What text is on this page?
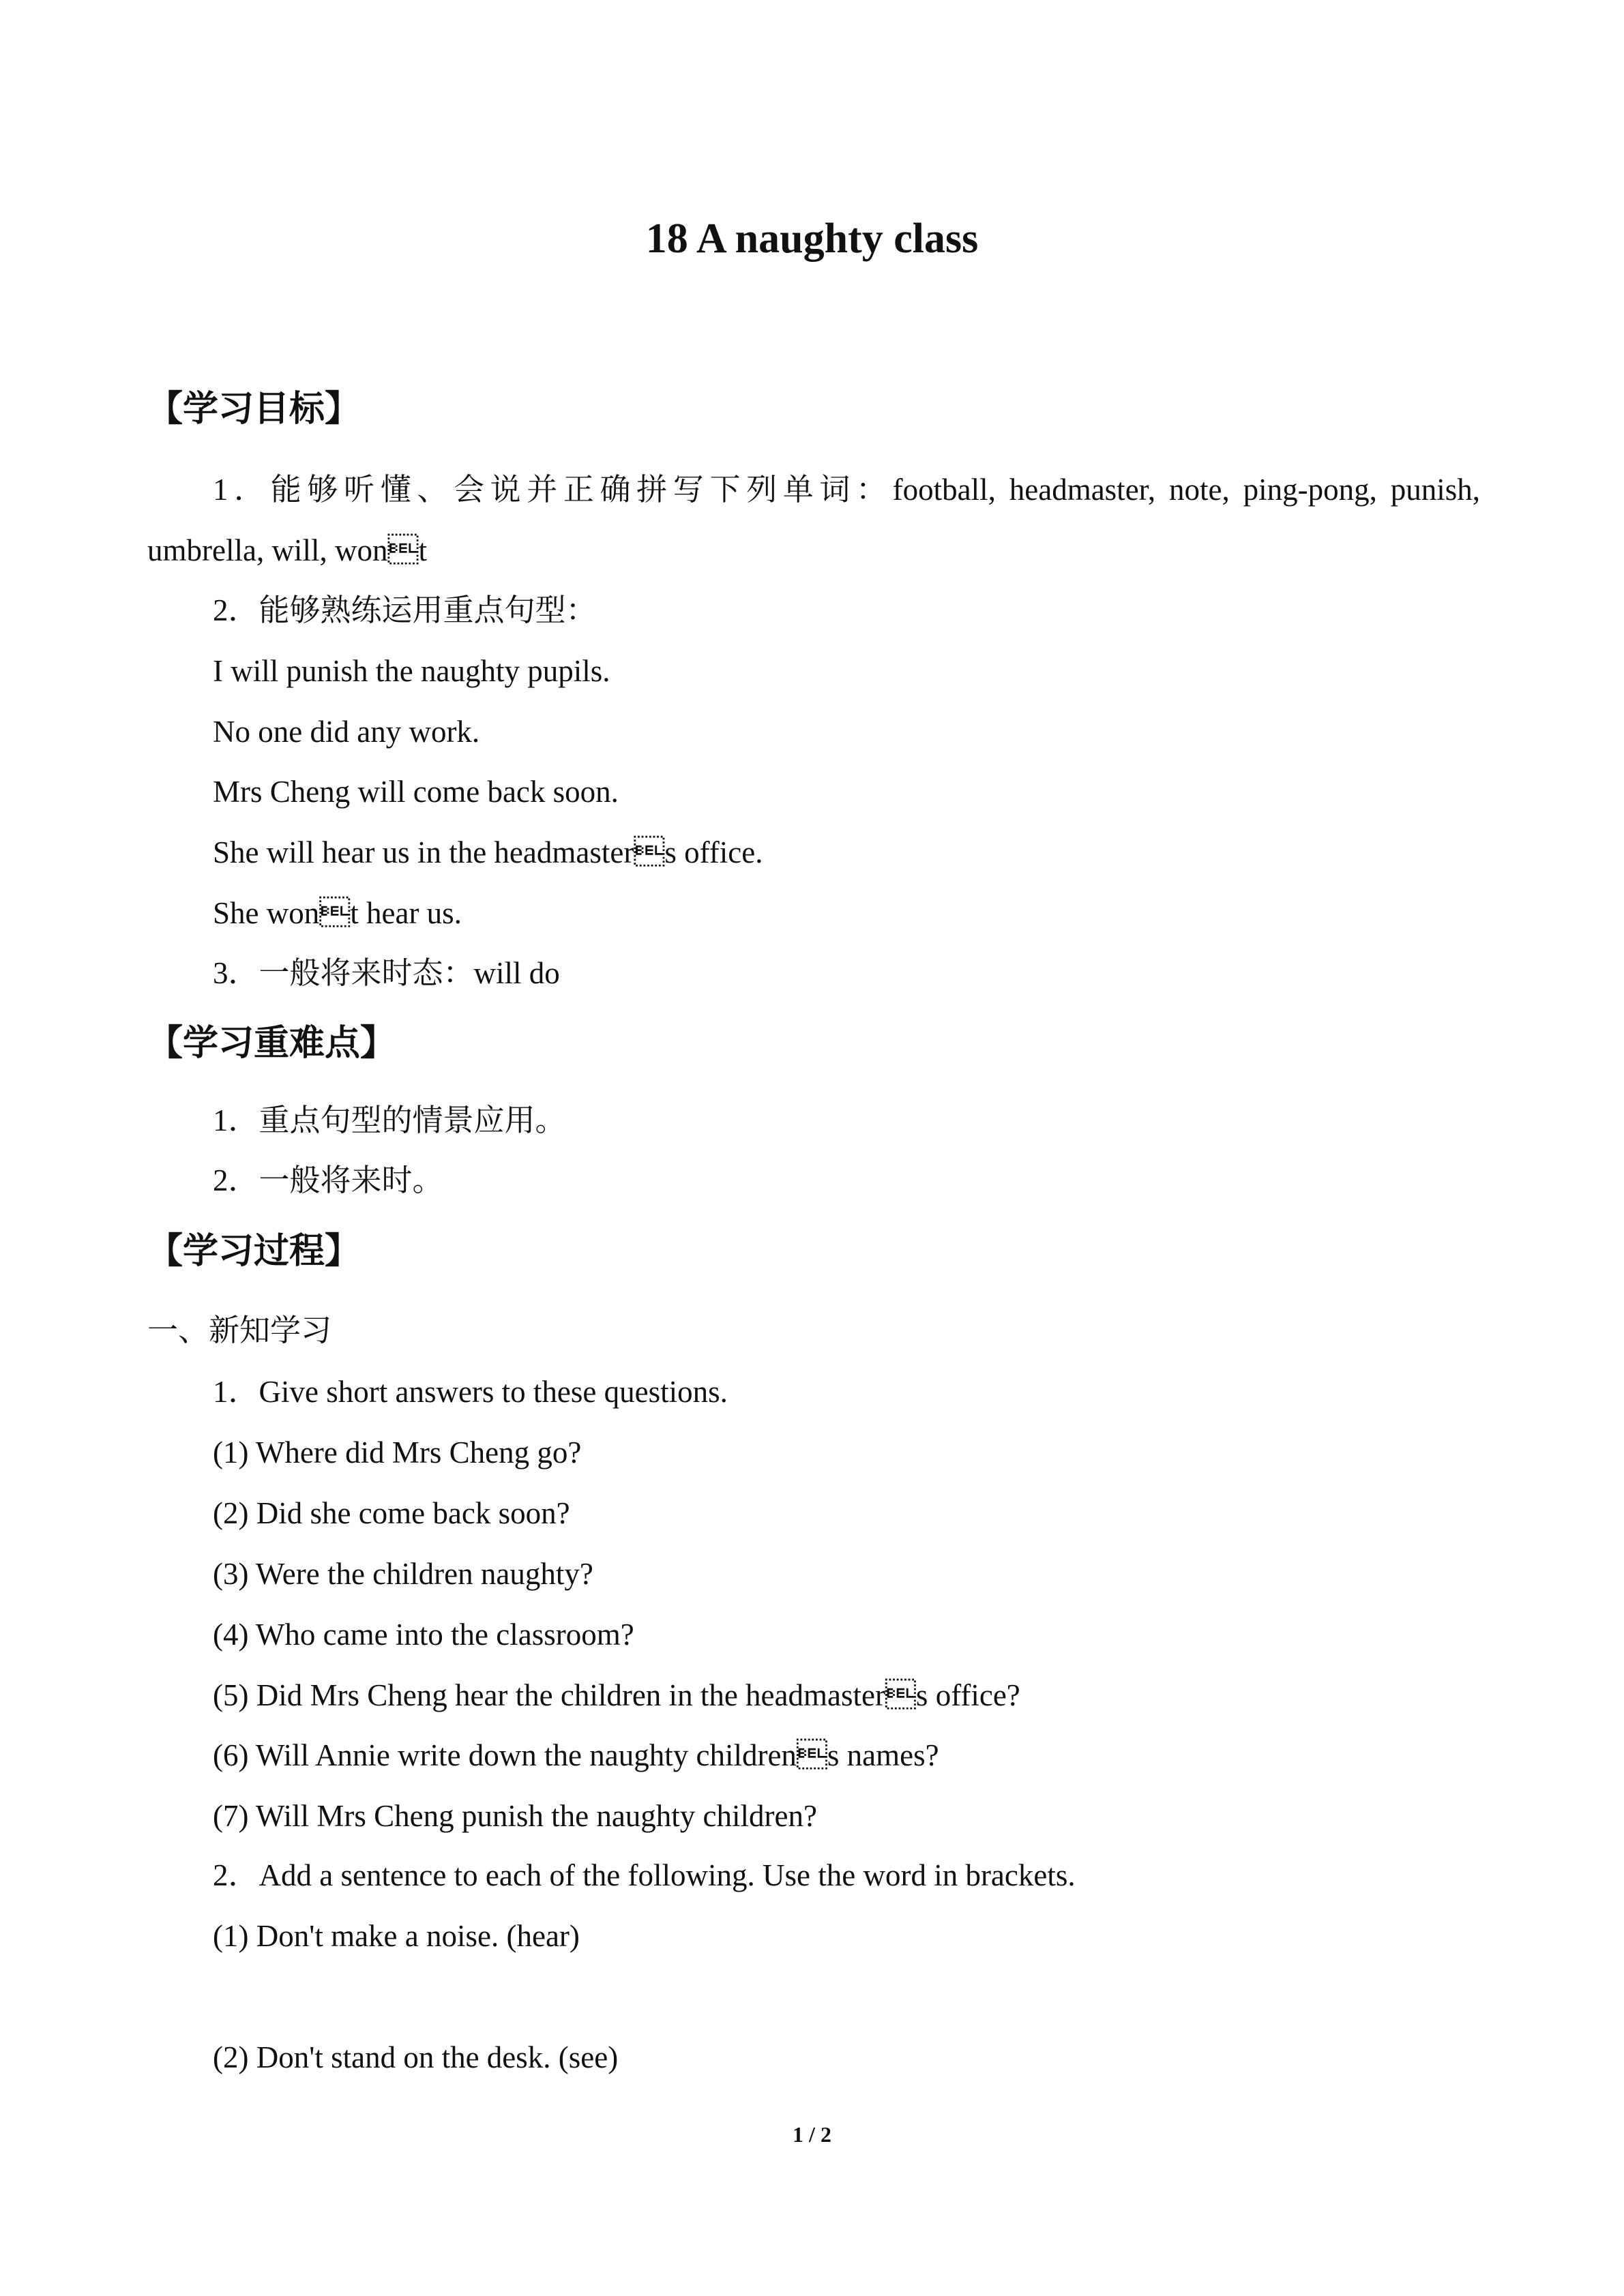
18 A naughty class
【学习目标】

1．能够听懂、会说并正确拼写下列单词：football, headmaster, note, ping-pong, punish,

umbrella, will, wont

2．能够熟练运用重点句型：

I will punish the naughty pupils.

No one did any work.

Mrs Cheng will come back soon.

She will hear us in the headmasters office.

She wont hear us.

3．一般将来时态：will do

【学习重难点】

1．重点句型的情景应用。

2．一般将来时。

【学习过程】

一、新知学习

1．Give short answers to these questions.

(1) Where did Mrs Cheng go?

(2) Did she come back soon?

(3) Were the children naughty?

(4) Who came into the classroom?

(5) Did Mrs Cheng hear the children in the headmasters office?

(6) Will Annie write down the naughty childrens names?

(7) Will Mrs Cheng punish the naughty children?

2．Add a sentence to each of the following. Use the word in brackets.

(1) Don't make a noise. (hear)

(2) Don't stand on the desk. (see)

1 / 2
